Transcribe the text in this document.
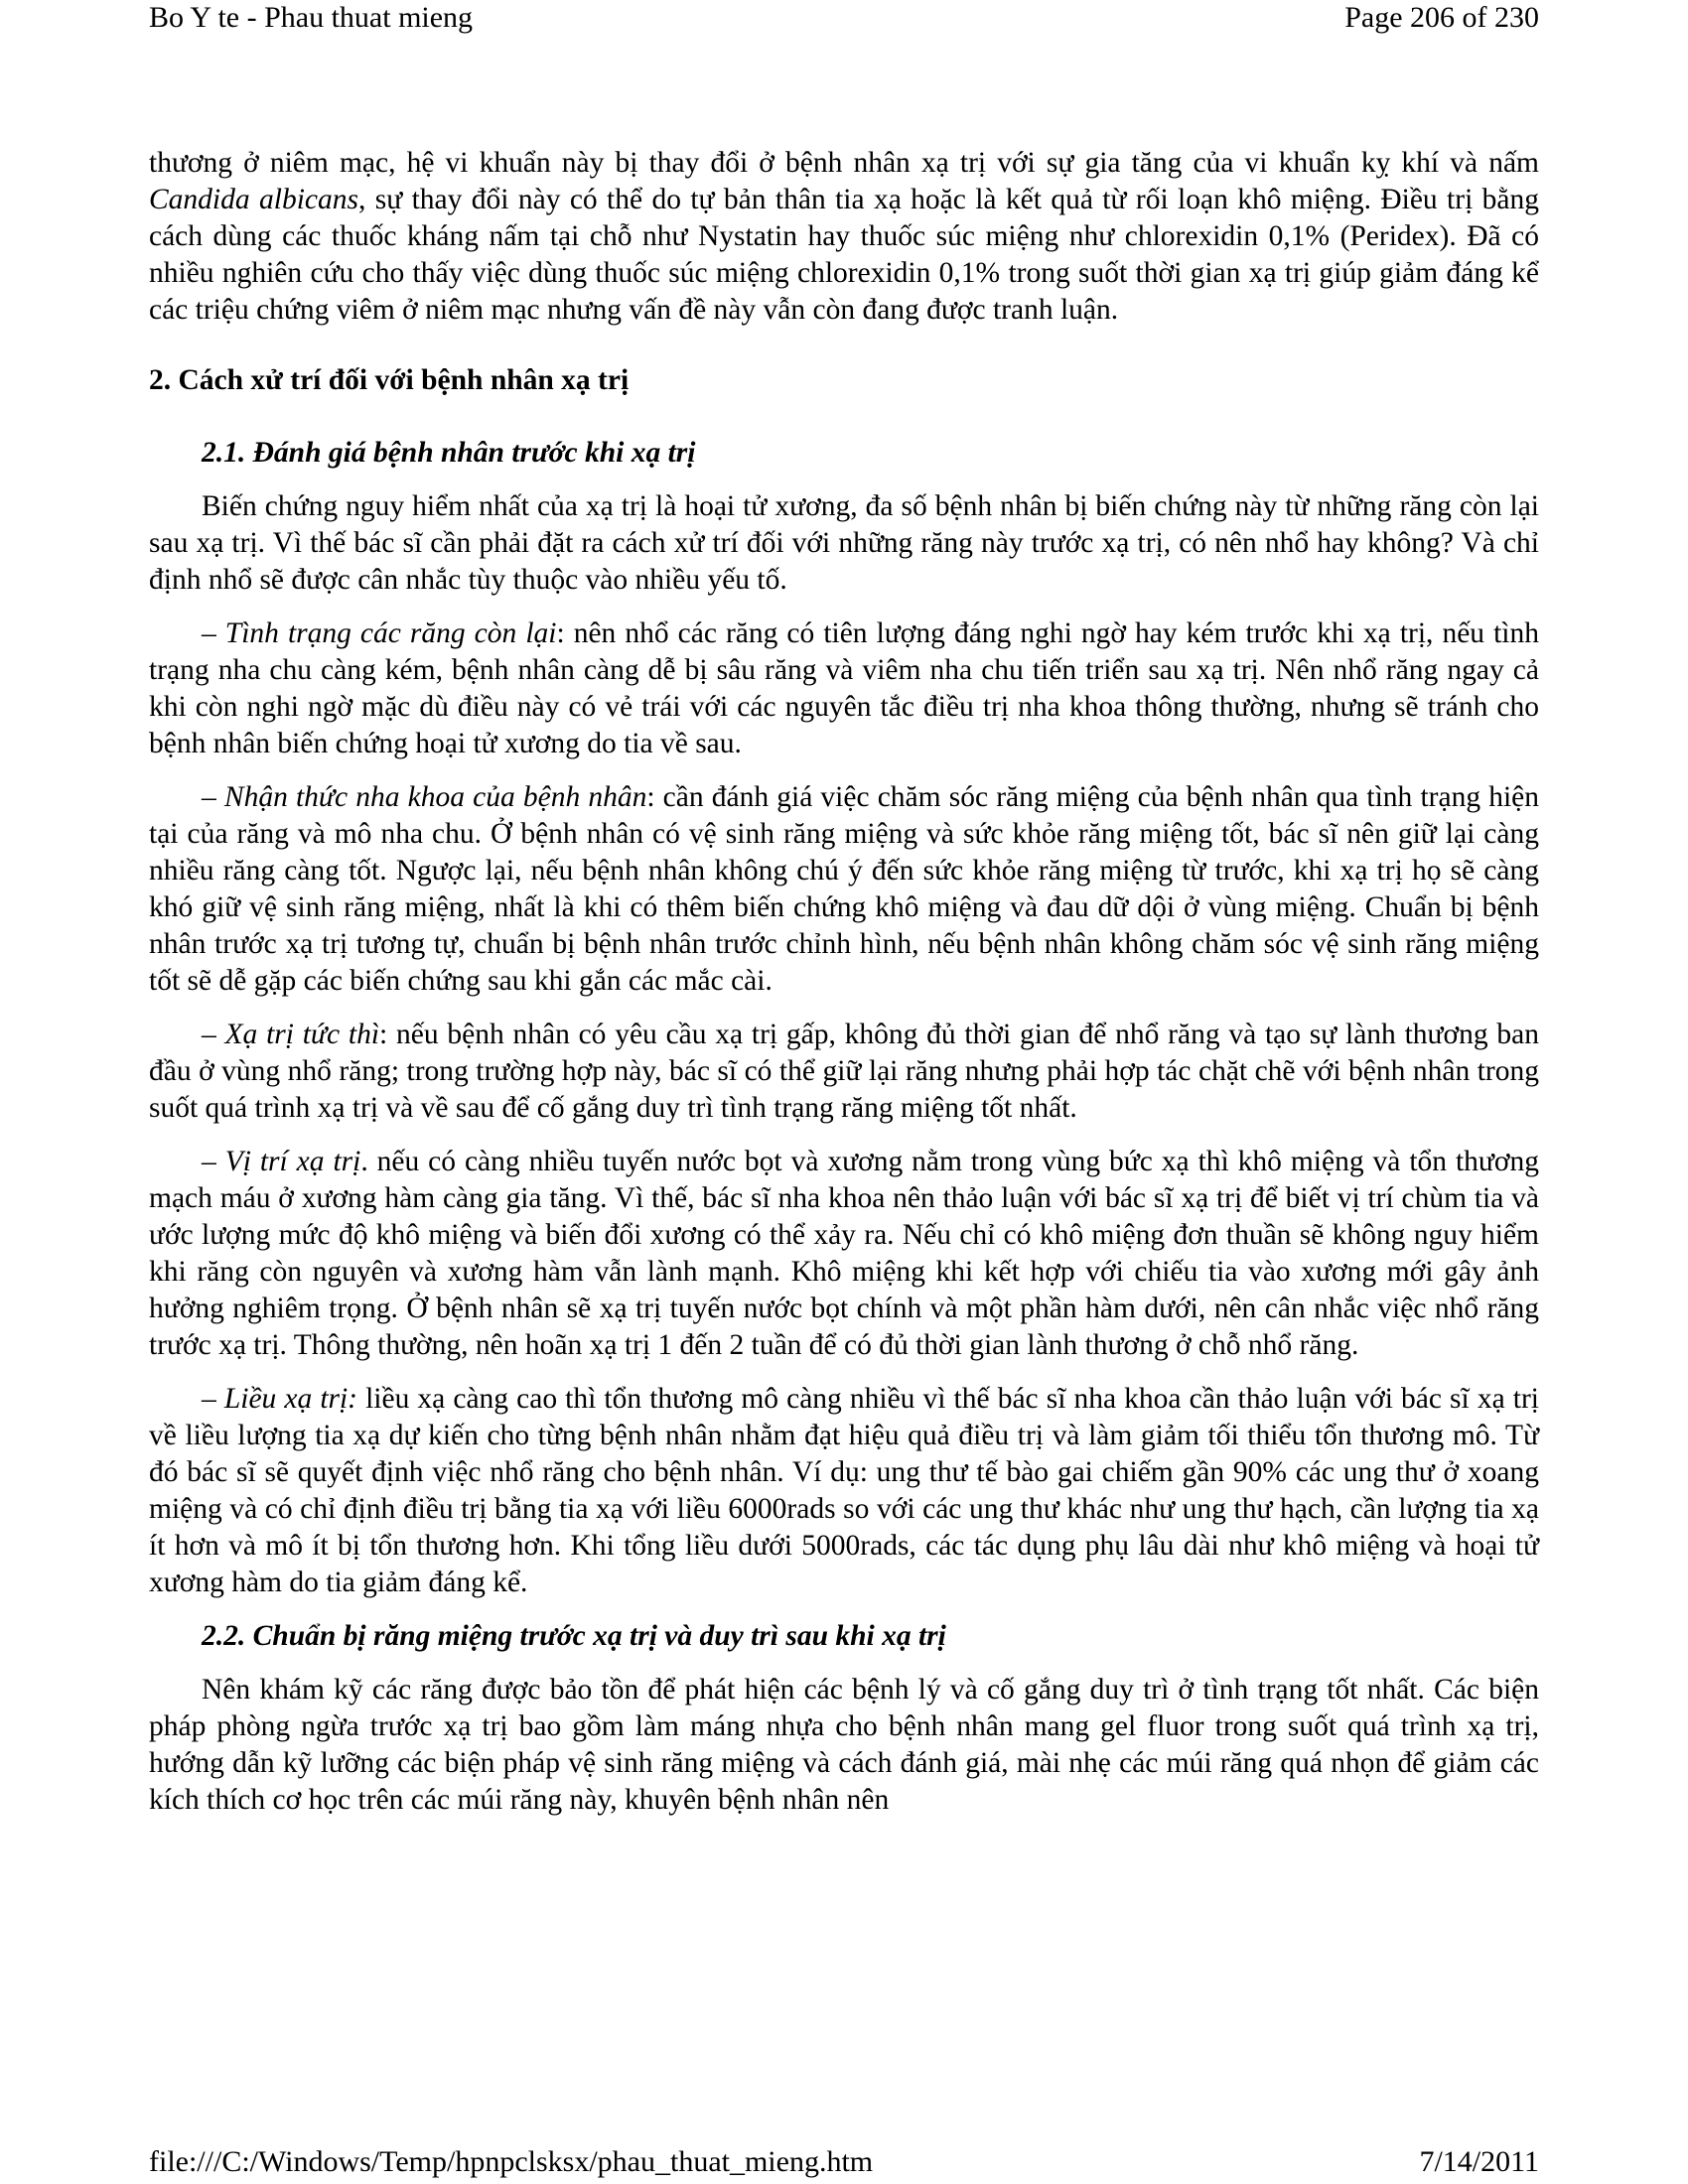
Bo Y te - Phau thuat mieng	Page 206 of 230

thương ở niêm mạc, hệ vi khuẩn này bị thay đổi ở bệnh nhân xạ trị với sự gia tăng của vi khuẩn kỵ khí và nấm Candida albicans, sự thay đổi này có thể do tự bản thân tia xạ hoặc là kết quả từ rối loạn khô miệng. Điều trị bằng cách dùng các thuốc kháng nấm tại chỗ như Nystatin hay thuốc súc miệng như chlorexidin 0,1% (Peridex). Đã có nhiều nghiên cứu cho thấy việc dùng thuốc súc miệng chlorexidin 0,1% trong suốt thời gian xạ trị giúp giảm đáng kể các triệu chứng viêm ở niêm mạc nhưng vấn đề này vẫn còn đang được tranh luận.

2. Cách xử trí đối với bệnh nhân xạ trị

2.1. Đánh giá bệnh nhân trước khi xạ trị

Biến chứng nguy hiểm nhất của xạ trị là hoại tử xương, đa số bệnh nhân bị biến chứng này từ những răng còn lại sau xạ trị. Vì thế bác sĩ cần phải đặt ra cách xử trí đối với những răng này trước xạ trị, có nên nhổ hay không? Và chỉ định nhổ sẽ được cân nhắc tùy thuộc vào nhiều yếu tố.

– Tình trạng các răng còn lại: nên nhổ các răng có tiên lượng đáng nghi ngờ hay kém trước khi xạ trị, nếu tình trạng nha chu càng kém, bệnh nhân càng dễ bị sâu răng và viêm nha chu tiến triển sau xạ trị. Nên nhổ răng ngay cả khi còn nghi ngờ mặc dù điều này có vẻ trái với các nguyên tắc điều trị nha khoa thông thường, nhưng sẽ tránh cho bệnh nhân biến chứng hoại tử xương do tia về sau.

– Nhận thức nha khoa của bệnh nhân: cần đánh giá việc chăm sóc răng miệng của bệnh nhân qua tình trạng hiện tại của răng và mô nha chu. Ở bệnh nhân có vệ sinh răng miệng và sức khỏe răng miệng tốt, bác sĩ nên giữ lại càng nhiều răng càng tốt. Ngược lại, nếu bệnh nhân không chú ý đến sức khỏe răng miệng từ trước, khi xạ trị họ sẽ càng khó giữ vệ sinh răng miệng, nhất là khi có thêm biến chứng khô miệng và đau dữ dội ở vùng miệng. Chuẩn bị bệnh nhân trước xạ trị tương tự, chuẩn bị bệnh nhân trước chỉnh hình, nếu bệnh nhân không chăm sóc vệ sinh răng miệng tốt sẽ dễ gặp các biến chứng sau khi gắn các mắc cài.

– Xạ trị tức thì: nếu bệnh nhân có yêu cầu xạ trị gấp, không đủ thời gian để nhổ răng và tạo sự lành thương ban đầu ở vùng nhổ răng; trong trường hợp này, bác sĩ có thể giữ lại răng nhưng phải hợp tác chặt chẽ với bệnh nhân trong suốt quá trình xạ trị và về sau để cố gắng duy trì tình trạng răng miệng tốt nhất.

– Vị trí xạ trị. nếu có càng nhiều tuyến nước bọt và xương nằm trong vùng bức xạ thì khô miệng và tổn thương mạch máu ở xương hàm càng gia tăng. Vì thế, bác sĩ nha khoa nên thảo luận với bác sĩ xạ trị để biết vị trí chùm tia và ước lượng mức độ khô miệng và biến đổi xương có thể xảy ra. Nếu chỉ có khô miệng đơn thuần sẽ không nguy hiểm khi răng còn nguyên và xương hàm vẫn lành mạnh. Khô miệng khi kết hợp với chiếu tia vào xương mới gây ảnh hưởng nghiêm trọng. Ở bệnh nhân sẽ xạ trị tuyến nước bọt chính và một phần hàm dưới, nên cân nhắc việc nhổ răng trước xạ trị. Thông thường, nên hoãn xạ trị 1 đến 2 tuần để có đủ thời gian lành thương ở chỗ nhổ răng.

– Liều xạ trị: liều xạ càng cao thì tổn thương mô càng nhiều vì thế bác sĩ nha khoa cần thảo luận với bác sĩ xạ trị về liều lượng tia xạ dự kiến cho từng bệnh nhân nhằm đạt hiệu quả điều trị và làm giảm tối thiểu tổn thương mô. Từ đó bác sĩ sẽ quyết định việc nhổ răng cho bệnh nhân. Ví dụ: ung thư tế bào gai chiếm gần 90% các ung thư ở xoang miệng và có chỉ định điều trị bằng tia xạ với liều 6000rads so với các ung thư khác như ung thư hạch, cần lượng tia xạ ít hơn và mô ít bị tổn thương hơn. Khi tổng liều dưới 5000rads, các tác dụng phụ lâu dài như khô miệng và hoại tử xương hàm do tia giảm đáng kể.

2.2. Chuẩn bị răng miệng trước xạ trị và duy trì sau khi xạ trị

Nên khám kỹ các răng được bảo tồn để phát hiện các bệnh lý và cố gắng duy trì ở tình trạng tốt nhất. Các biện pháp phòng ngừa trước xạ trị bao gồm làm máng nhựa cho bệnh nhân mang gel fluor trong suốt quá trình xạ trị, hướng dẫn kỹ lưỡng các biện pháp vệ sinh răng miệng và cách đánh giá, mài nhẹ các múi răng quá nhọn để giảm các kích thích cơ học trên các múi răng này, khuyên bệnh nhân nên

file:///C:/Windows/Temp/hpnpclsksx/phau_thuat_mieng.htm	7/14/2011
